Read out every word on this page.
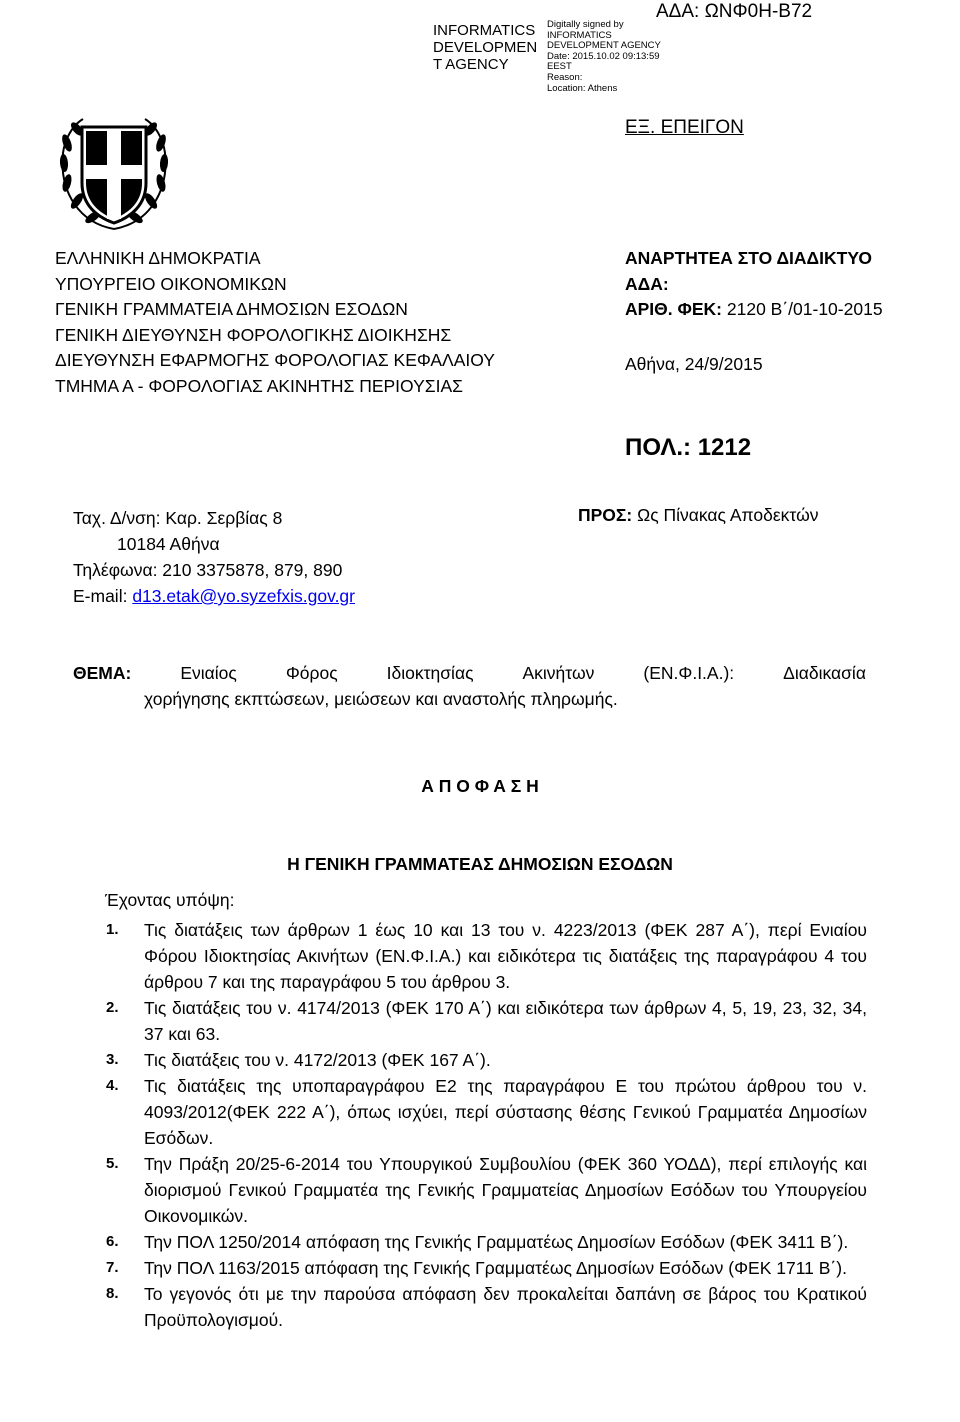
INFORMATICS
DEVELOPMEN
T AGENCY
Digitally signed by
INFORMATICS
DEVELOPMENT AGENCY
Date: 2015.10.02 09:13:59
EEST
Reason:
Location: Athens
ΑΔΑ: ΩΝΦ0Η-Β72
ΕΞ. ΕΠΕΙΓΟΝ
ΕΛΛΗΝΙΚΗ ΔΗΜΟΚΡΑΤΙΑ
ΥΠΟΥΡΓΕΙΟ ΟΙΚΟΝΟΜΙΚΩΝ
ΓΕΝΙΚΗ ΓΡΑΜΜΑΤΕΙΑ ΔΗΜΟΣΙΩΝ ΕΣΟΔΩΝ
ΓΕΝΙΚΗ ΔΙΕΥΘΥΝΣΗ ΦΟΡΟΛΟΓΙΚΗΣ ΔΙΟΙΚΗΣΗΣ
ΔΙΕΥΘΥΝΣΗ ΕΦΑΡΜΟΓΗΣ ΦΟΡΟΛΟΓΙΑΣ ΚΕΦΑΛΑΙΟΥ
ΤΜΗΜΑ Α - ΦΟΡΟΛΟΓΙΑΣ ΑΚΙΝΗΤΗΣ ΠΕΡΙΟΥΣΙΑΣ
ΑΝΑΡΤΗΤΕΑ ΣΤΟ ΔΙΑΔΙΚΤΥΟ
ΑΔΑ:
ΑΡΙΘ. ΦΕΚ: 2120 Β΄/01-10-2015
Αθήνα, 24/9/2015
ΠΟΛ.: 1212
Ταχ. Δ/νση: Καρ. Σερβίας 8
10184 Αθήνα
Τηλέφωνα: 210 3375878, 879, 890
E-mail: d13.etak@yo.syzefxis.gov.gr
ΠΡΟΣ: Ως Πίνακας Αποδεκτών
ΘΕΜΑ:	Ενιαίος	Φόρος	Ιδιοκτησίας	Ακινήτων	(ΕΝ.Φ.Ι.Α.):	Διαδικασία
χορήγησης εκπτώσεων, μειώσεων και αναστολής πληρωμής.
Α Π Ο Φ Α Σ Η
Η ΓΕΝΙΚΗ ΓΡΑΜΜΑΤΕΑΣ ΔΗΜΟΣΙΩΝ ΕΣΟΔΩΝ
Έχοντας υπόψη:
1.	Τις διατάξεις των άρθρων 1 έως 10 και 13 του ν. 4223/2013 (ΦΕΚ 287 Α΄), περί Ενιαίου Φόρου Ιδιοκτησίας Ακινήτων (ΕΝ.Φ.Ι.Α.) και ειδικότερα τις διατάξεις της παραγράφου 4 του άρθρου 7 και της παραγράφου 5 του άρθρου 3.
2.	Τις διατάξεις του ν. 4174/2013 (ΦΕΚ 170 Α΄) και ειδικότερα των άρθρων 4, 5, 19, 23, 32, 34, 37 και 63.
3.	Τις διατάξεις του ν. 4172/2013 (ΦΕΚ 167 Α΄).
4.	Τις διατάξεις της υποπαραγράφου Ε2 της παραγράφου Ε του πρώτου άρθρου του ν. 4093/2012(ΦΕΚ 222 Α΄), όπως ισχύει, περί σύστασης θέσης Γενικού Γραμματέα Δημοσίων Εσόδων.
5.	Την Πράξη 20/25-6-2014 του Υπουργικού Συμβουλίου (ΦΕΚ 360 ΥΟΔΔ), περί επιλογής και διορισμού Γενικού Γραμματέα της Γενικής Γραμματείας Δημοσίων Εσόδων του Υπουργείου Οικονομικών.
6.	Την ΠΟΛ 1250/2014 απόφαση της Γενικής Γραμματέως Δημοσίων Εσόδων (ΦΕΚ 3411 Β΄).
7.	Την ΠΟΛ 1163/2015 απόφαση της Γενικής Γραμματέως Δημοσίων Εσόδων (ΦΕΚ 1711 Β΄).
8.	Το γεγονός ότι με την παρούσα απόφαση δεν προκαλείται δαπάνη σε βάρος του Κρατικού Προϋπολογισμού.
